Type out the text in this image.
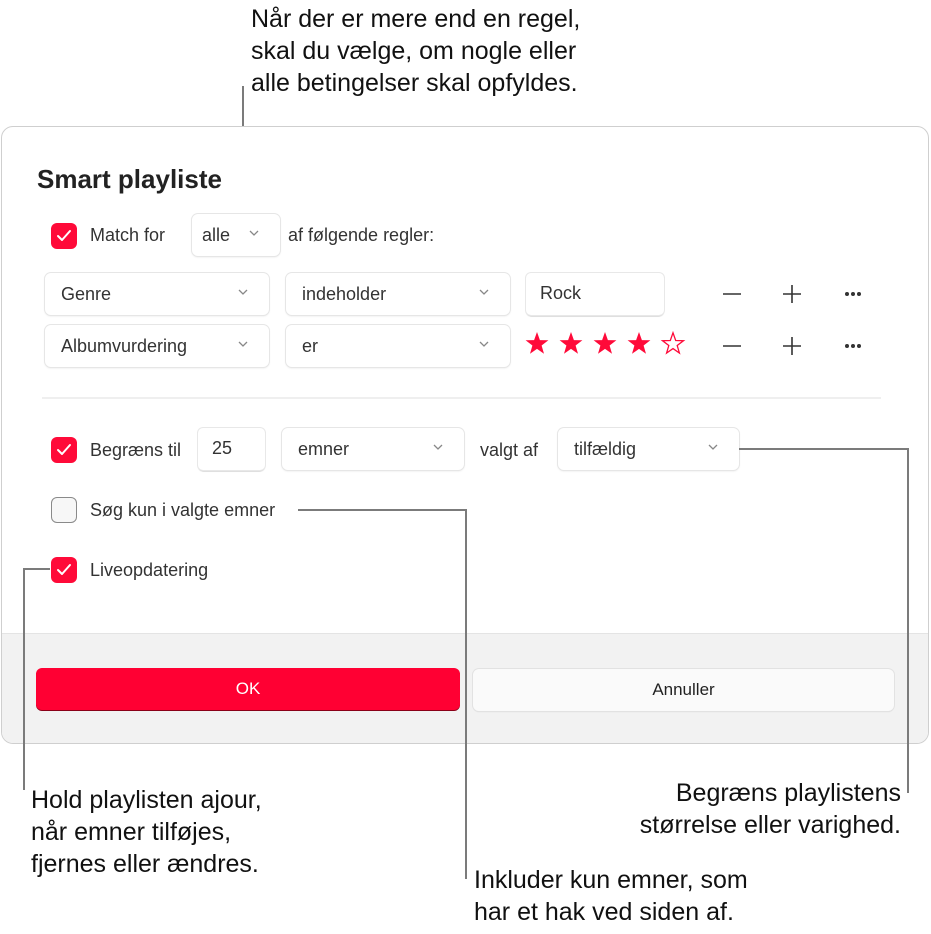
Når der er mere end en regel,
skal du vælge, om nogle eller
alle betingelser skal opfyldes.
Smart playliste
Match for alle	af følgende regler:
Genre	indeholder	Rock
Albumvurdering	er
Begræns til 25	emner	valgt af tilfældig
Søg kun i valgte emner
Liveopdatering
OK	Annuller
Hold playlisten ajour,
når emner tilføjes,
fjernes eller ændres.
Begræns playlistens
størrelse eller varighed.
Inkluder kun emner, som
har et hak ved siden af.
